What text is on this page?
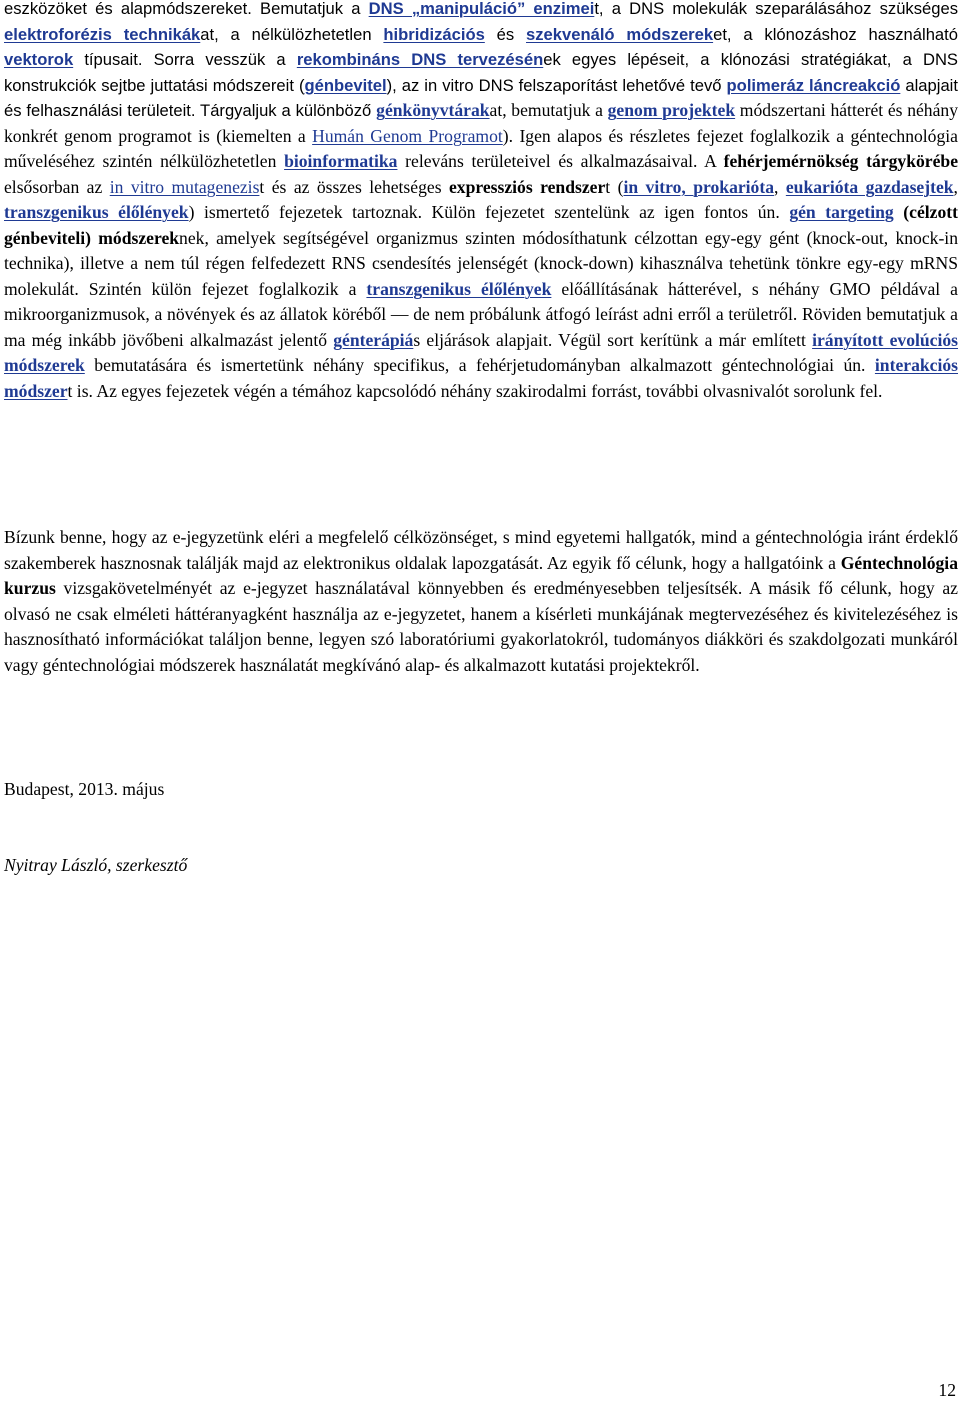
eszközöket és alapmódszereket. Bemutatjuk a DNS „manipuláció” enzimeit, a DNS molekulák szeparálásához szükséges elektroforézis technikákat, a nélkülözhetetlen hibridizációs és szekvenáló módszereket, a klónozáshoz használható vektorok típusait. Sorra vesszük a rekombináns DNS tervezésének egyes lépéseit, a klónozási stratégiákat, a DNS konstrukciók sejtbe juttatási módszereit (génbevitel), az in vitro DNS felszaporítást lehetővé tevő polimeráz láncreakció alapjait és felhasználási területeit. Tárgyaljuk a különböző génkönyvtárakat, bemutatjuk a genom projektek módszertani hátterét és néhány konkrét genom programot is (kiemelten a Humán Genom Programot). Igen alapos és részletes fejezet foglalkozik a géntechnológia műveléséhez szintén nélkülözhetetlen bioinformatika releváns területeivel és alkalmazásaival. A fehérjemérnökség tárgykörébe elsősorban az in vitro mutagenezist és az összes lehetséges expressziós rendszert (in vitro, prokarióta, eukarióta gazdasejtek, transzgenikus élőlények) ismertető fejezetek tartoznak. Külön fejezetet szentelünk az igen fontos ún. gén targeting (célzott génbeviteli) módszereknek, amelyek segítségével organizmus szinten módosíthatunk célzottan egy-egy gént (knock-out, knock-in technika), illetve a nem túl régen felfedezett RNS csendesítés jelenségét (knock-down) kihasználva tehetünk tönkre egy-egy mRNS molekulát. Szintén külön fejezet foglalkozik a transzgenikus élőlények előállításának hátterével, s néhány GMO példával a mikroorganizmusok, a növények és az állatok köréből — de nem próbálunk átfogó leírást adni erről a területről. Röviden bemutatjuk a ma még inkább jövőbeni alkalmazást jelentő génterápiás eljárások alapjait. Végül sort kerítünk a már említett irányított evolúciós módszerek bemutatására és ismertetünk néhány specifikus, a fehérjetudományban alkalmazott géntechnológiai ún. interakciós módszert is. Az egyes fejezetek végén a témához kapcsolódó néhány szakirodalmi forrást, további olvasnivalót sorolunk fel.

Bízunk benne, hogy az e-jegyzetünk eléri a megfelelő célközönséget, s mind egyetemi hallgatók, mind a géntechnológia iránt érdeklő szakemberek hasznosnak találják majd az elektronikus oldalak lapozgatását. Az egyik fő célunk, hogy a hallgatóink a Géntechnológia kurzus vizsgakövetelményét az e-jegyzet használatával könnyebben és eredményesebben teljesítsék. A másik fő célunk, hogy az olvasó ne csak elméleti háttéranyagként használja az e-jegyzetet, hanem a kísérleti munkájának megtervezéséhez és kivitelezéséhez is hasznosítható információkat találjon benne, legyen szó laboratóriumi gyakorlatokról, tudományos diákköri és szakdolgozati munkáról vagy géntechnológiai módszerek használatát megkívánó alap- és alkalmazott kutatási projektekről.

Budapest, 2013. május

Nyitray László, szerkesztő

12
